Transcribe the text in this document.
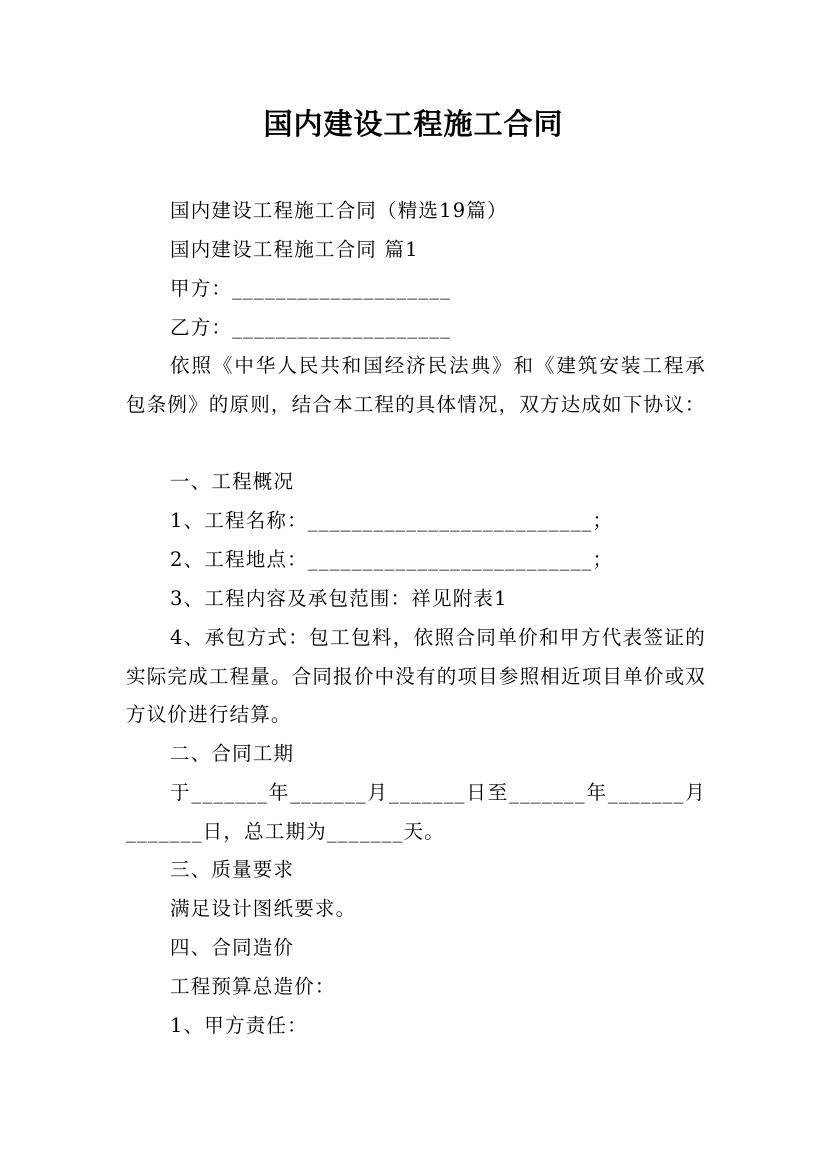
国内建设工程施工合同
国内建设工程施工合同（精选19篇）
国内建设工程施工合同 篇1
甲方：____________________
乙方：____________________
依照《中华人民共和国经济民法典》和《建筑安装工程承包条例》的原则，结合本工程的具体情况，双方达成如下协议：
一、工程概况
1、工程名称：__________________________；
2、工程地点：__________________________；
3、工程内容及承包范围：祥见附表1
4、承包方式：包工包料，依照合同单价和甲方代表签证的实际完成工程量。合同报价中没有的项目参照相近项目单价或双方议价进行结算。
二、合同工期
于_______年_______月_______日至_______年_______月_______日，总工期为_______天。
三、质量要求
满足设计图纸要求。
四、合同造价
工程预算总造价：
1、甲方责任：
